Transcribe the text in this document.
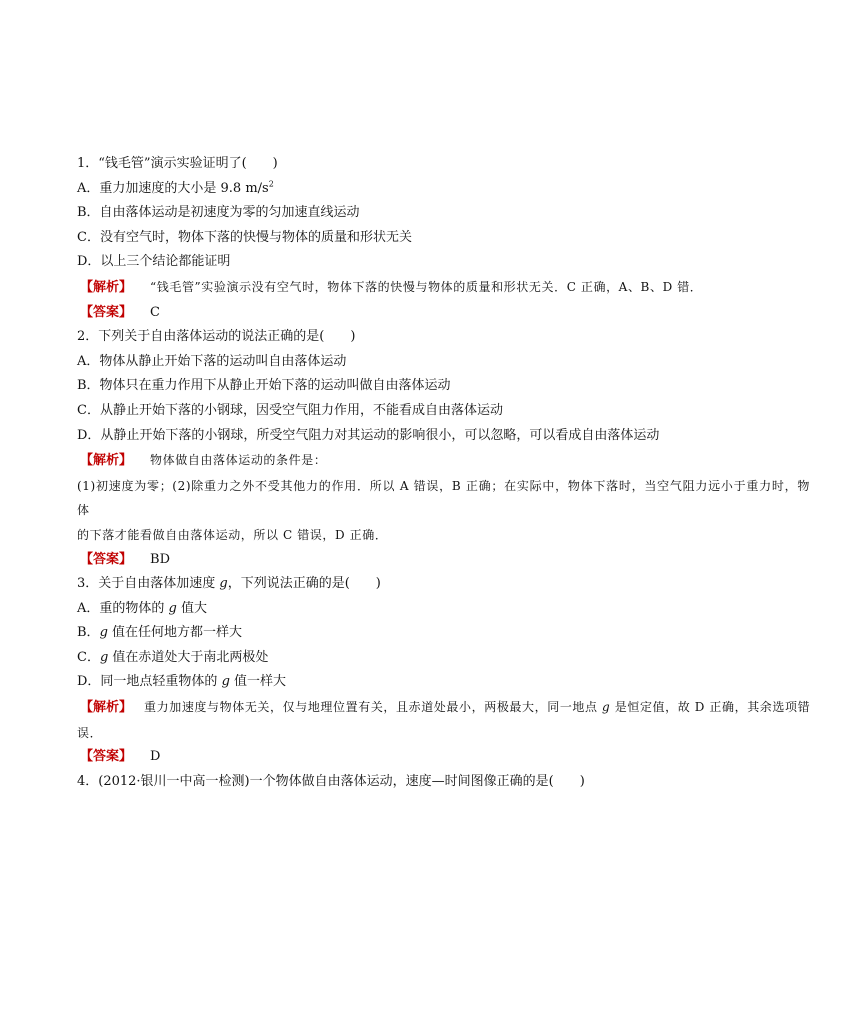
1．“钱毛管”演示实验证明了(　　)
A．重力加速度的大小是 9.8 $m/s^2$
B．自由落体运动是初速度为零的匀加速直线运动
C．没有空气时，物体下落的快慢与物体的质量和形状无关
D．以上三个结论都能证明
【解析】 “钱毛管”实验演示没有空气时，物体下落的快慢与物体的质量和形状无关．C 正确，A、B、D 错．
【答案】 C
2．下列关于自由落体运动的说法正确的是(　　)
A．物体从静止开始下落的运动叫自由落体运动
B．物体只在重力作用下从静止开始下落的运动叫做自由落体运动
C．从静止开始下落的小钢球，因受空气阻力作用，不能看成自由落体运动
D．从静止开始下落的小钢球，所受空气阻力对其运动的影响很小，可以忽略，可以看成自由落体运动
【解析】 物体做自由落体运动的条件是：
(1)初速度为零；(2)除重力之外不受其他力的作用．所以 A 错误，B 正确；在实际中，物体下落时，当空气阻力远小于重力时，物体
的下落才能看做自由落体运动，所以 C 错误，D 正确．
【答案】 BD
3．关于自由落体加速度 g，下列说法正确的是(　　)
A．重的物体的 g 值大
B．g 值在任何地方都一样大
C．g 值在赤道处大于南北两极处
D．同一地点轻重物体的 g 值一样大
【解析】 重力加速度与物体无关，仅与地理位置有关，且赤道处最小，两极最大，同一地点 g 是恒定值，故 D 正确，其余选项错
误．
【答案】 D
4．(2012·银川一中高一检测)一个物体做自由落体运动，速度—时间图像正确的是(　　)
